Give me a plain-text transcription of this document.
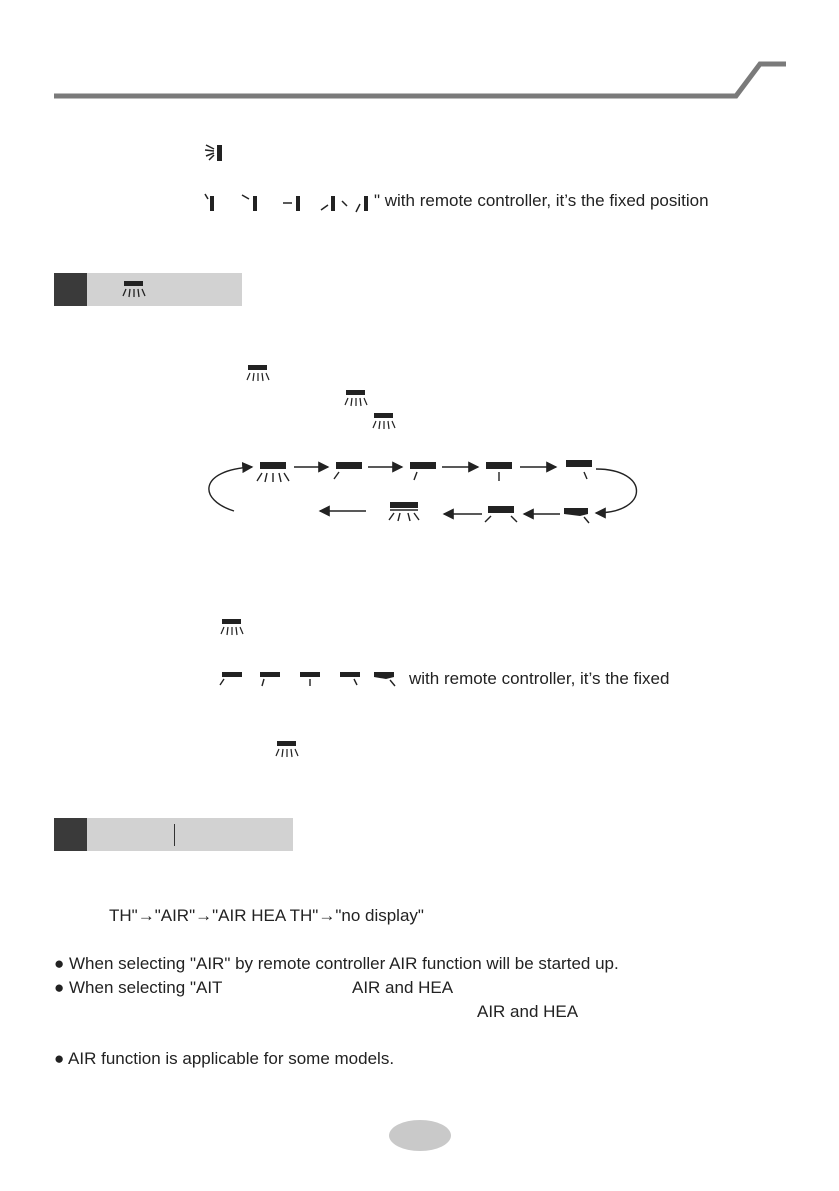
" with remote controller, it’s the fixed position
with remote controller, it’s the fixed
TH"→"AIR"→"AIR HEA TH"→"no display"
● When selecting "AIR" by remote controller AIR function will be started up.
● When selecting "AIT	AIR and HEA
AIR and HEA
● AIR function is applicable for some models.
